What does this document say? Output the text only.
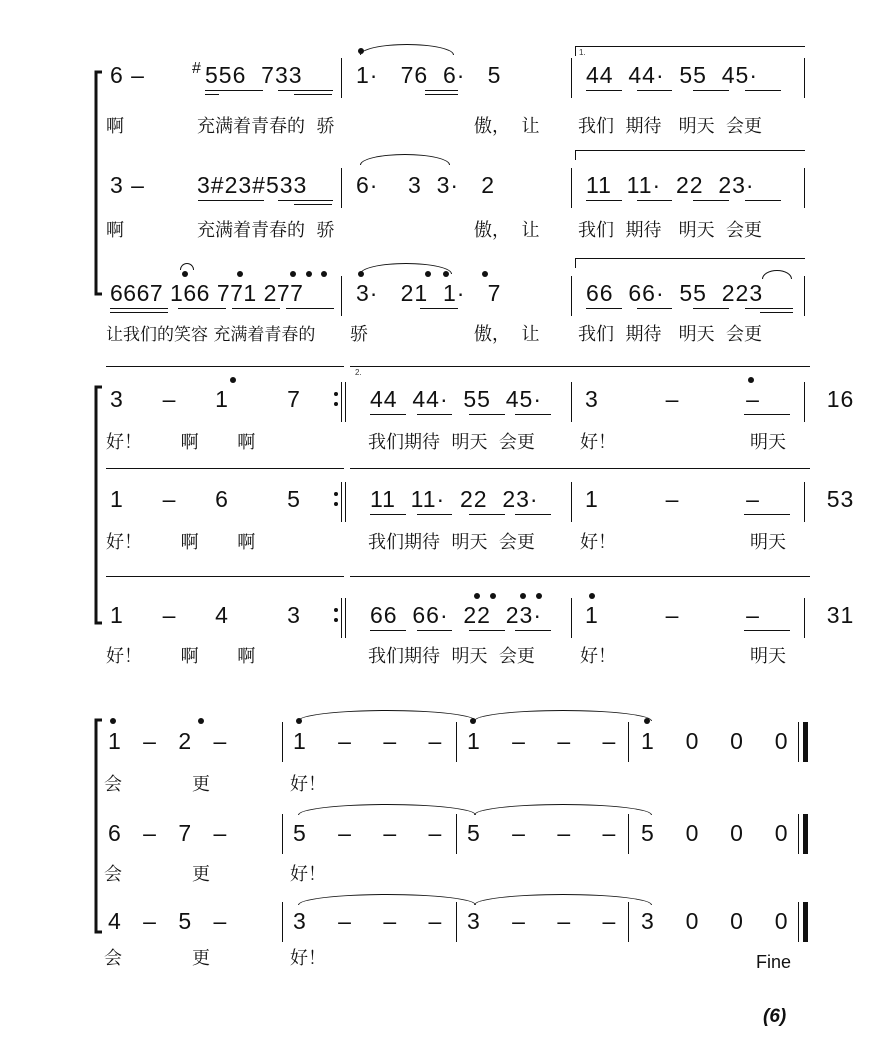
6 – # 556  733 1·   76  6·   5	44  44·  55  45·
1.
啊	充满着青春的  骄	傲，  让 我们  期待   明天  会更
3 – 3#23#533 6·    3  3·   2	11  11·  22  23·
啊	充满着青春的  骄	傲，  让 我们  期待   明天  会更
6667 166 771 277 3·   21  1·   7	66  66·  55  223
让我们的笑容 充满着青春的 骄	傲，  让 我们  期待   明天  会更
2.
3  –  1   7	44  44·  55  45· 3  –  –  16
好！     啊     啊	我们期待  明天  会更	好！	明天
1  –  6   5	11  11·  22  23· 1  –  –  53
好！     啊     啊	我们期待  明天  会更	好！	明天
1  –  4   3	66  66·  22  23· 1  –  –  31
好！     啊     啊	我们期待  明天  会更	好！	明天
1 – 2 –	1 – – – 1 – – – 1  0  0  0
会	更	好！
6 – 7 –	5 – – – 5 – – – 5  0  0  0
会	更	好！
4 – 5 –	3 – – – 3 – – – 3  0  0  0
会	更	好！	Fine
(6)
